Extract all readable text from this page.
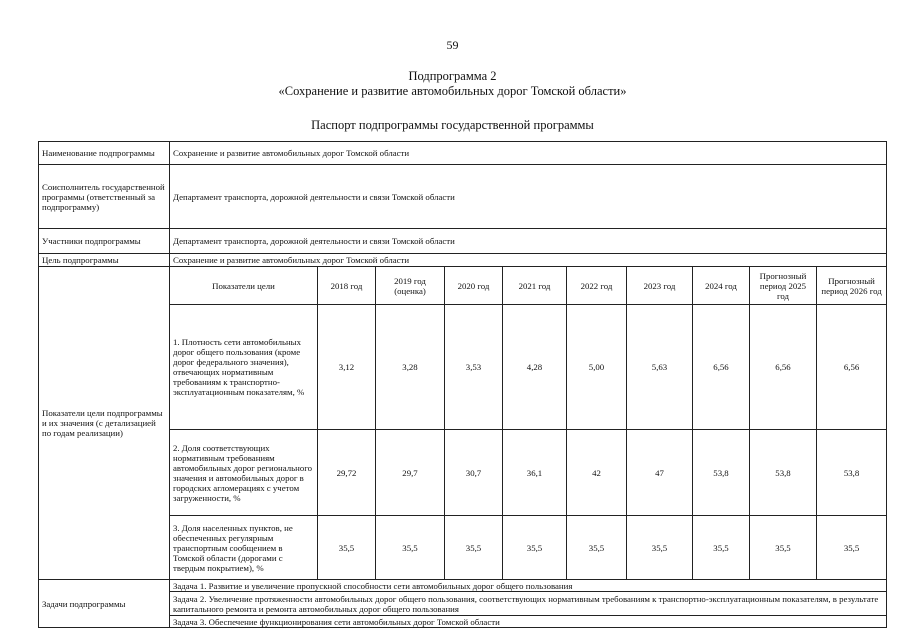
59
Подпрограмма 2
«Сохранение и развитие автомобильных дорог Томской области»
Паспорт подпрограммы государственной программы
Наименование подпрограммы	Сохранение и развитие автомобильных дорог Томской области									
Соисполнитель государственной программы (ответственный за подпрограмму)	Департамент транспорта, дорожной деятельности и связи Томской области									
Участники подпрограммы	Департамент транспорта, дорожной деятельности и связи Томской области									
Цель подпрограммы	Сохранение и развитие автомобильных дорог Томской области									
Показатели цели подпрограммы и их значения (с детализацией по годам реализации)	Показатели цели	2018 год	2019 год (оценка)	2020 год	2021 год	2022 год	2023 год	2024 год	Прогнозный период 2025 год	Прогнозный период 2026 год
	1. Плотность сети автомобильных дорог общего пользования (кроме дорог федерального значения), отвечающих нормативным требованиям к транспортно-эксплуатационным показателям, %	3,12	3,28	3,53	4,28	5,00	5,63	6,56	6,56	6,56
	2. Доля соответствующих нормативным требованиям автомобильных дорог регионального значения и автомобильных дорог в городских агломерациях с учетом загруженности, %	29,72	29,7	30,7	36,1	42	47	53,8	53,8	53,8
	3. Доля населенных пунктов, не обеспеченных регулярным транспортным сообщением в Томской области (дорогами с твердым покрытием), %	35,5	35,5	35,5	35,5	35,5	35,5	35,5	35,5	35,5
Задачи подпрограммы	Задача 1. Развитие и увеличение пропускной способности сети автомобильных дорог общего пользования									
	Задача 2. Увеличение протяженности автомобильных дорог общего пользования, соответствующих нормативным требованиям к транспортно-эксплуатационным показателям, в результате капитального ремонта и ремонта автомобильных дорог общего пользования									
	Задача 3. Обеспечение функционирования сети автомобильных дорог Томской области									
